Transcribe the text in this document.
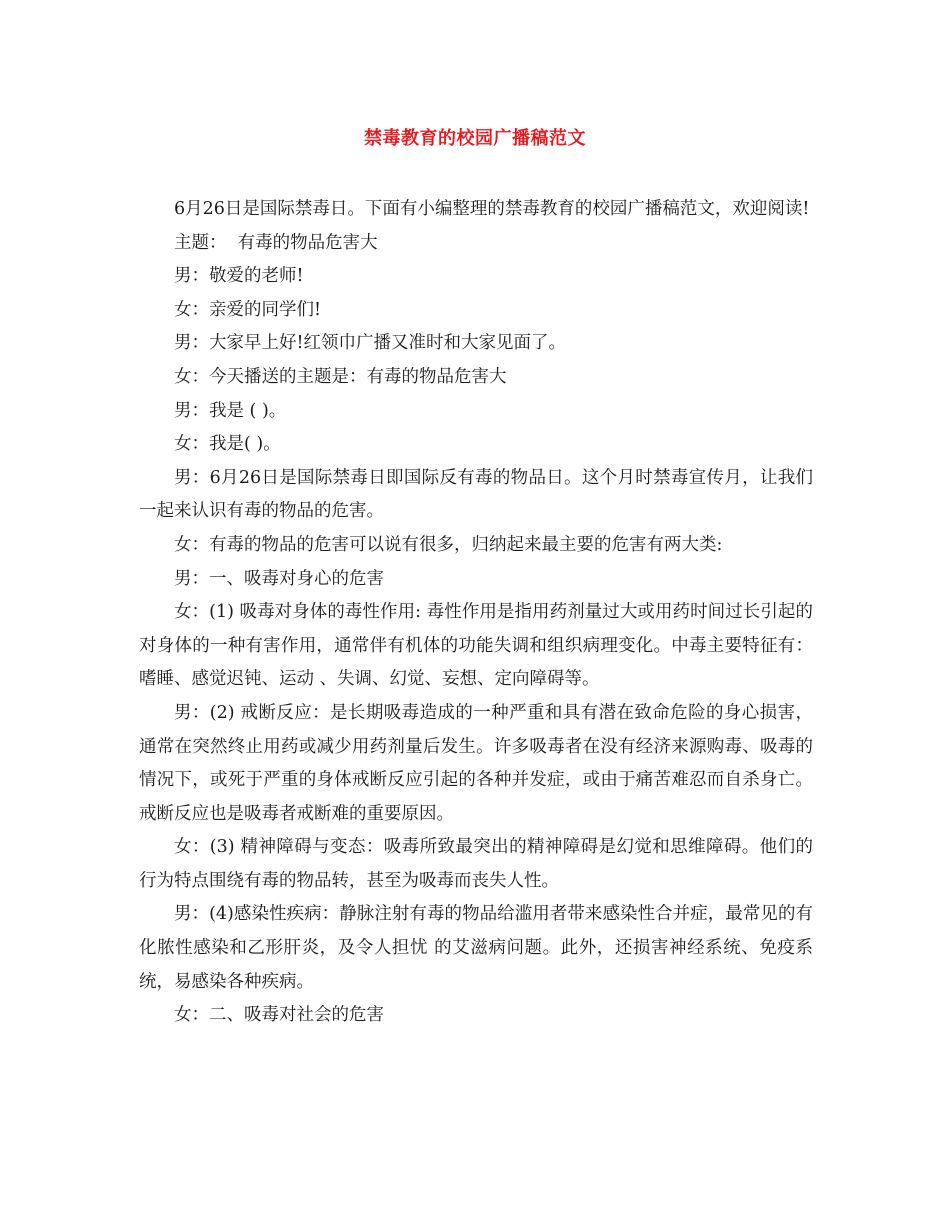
禁毒教育的校园广播稿范文

6月26日是国际禁毒日。下面有小编整理的禁毒教育的校园广播稿范文，欢迎阅读!

主题：  有毒的物品危害大

男：敬爱的老师!

女：亲爱的同学们!

男：大家早上好!红领巾广播又准时和大家见面了。

女：今天播送的主题是：有毒的物品危害大

男：我是 ( )。

女：我是( )。

男：6月26日是国际禁毒日即国际反有毒的物品日。这个月时禁毒宣传月，让我们一起来认识有毒的物品的危害。

女：有毒的物品的危害可以说有很多，归纳起来最主要的危害有两大类:

男：一、吸毒对身心的危害

女：(1) 吸毒对身体的毒性作用: 毒性作用是指用药剂量过大或用药时间过长引起的对身体的一种有害作用，通常伴有机体的功能失调和组织病理变化。中毒主要特征有：嗜睡、感觉迟钝、运动 、失调、幻觉、妄想、定向障碍等。

男：(2) 戒断反应：是长期吸毒造成的一种严重和具有潜在致命危险的身心损害，通常在突然终止用药或减少用药剂量后发生。许多吸毒者在没有经济来源购毒、吸毒的情况下，或死于严重的身体戒断反应引起的各种并发症，或由于痛苦难忍而自杀身亡。戒断反应也是吸毒者戒断难的重要原因。

女：(3) 精神障碍与变态：吸毒所致最突出的精神障碍是幻觉和思维障碍。他们的行为特点围绕有毒的物品转，甚至为吸毒而丧失人性。

男：(4)感染性疾病：静脉注射有毒的物品给滥用者带来感染性合并症，最常见的有化脓性感染和乙形肝炎，及令人担忧 的艾滋病问题。此外，还损害神经系统、免疫系统，易感染各种疾病。

女：二、吸毒对社会的危害
